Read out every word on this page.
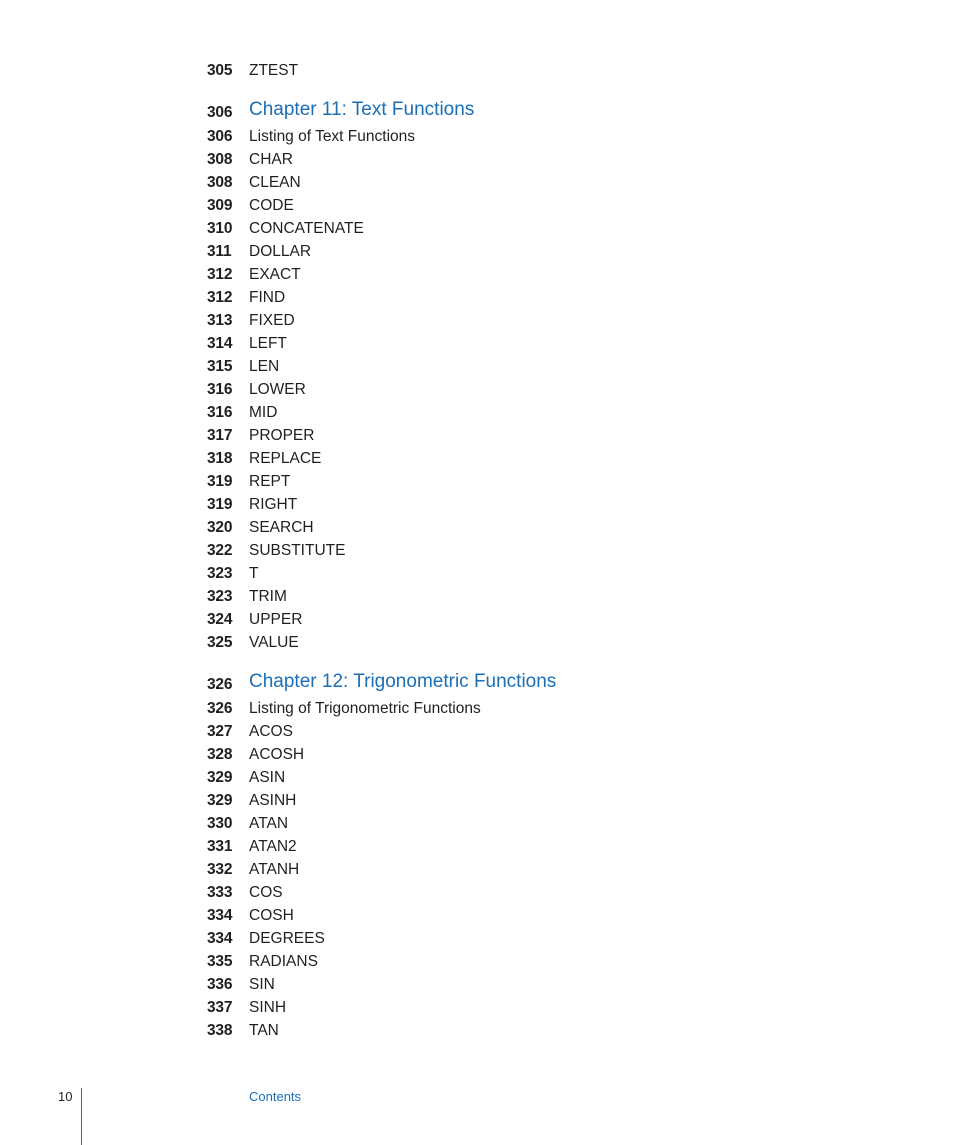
305 ZTEST
306 Chapter 11: Text Functions
306 Listing of Text Functions
308 CHAR
308 CLEAN
309 CODE
310 CONCATENATE
311 DOLLAR
312 EXACT
312 FIND
313 FIXED
314 LEFT
315 LEN
316 LOWER
316 MID
317 PROPER
318 REPLACE
319 REPT
319 RIGHT
320 SEARCH
322 SUBSTITUTE
323 T
323 TRIM
324 UPPER
325 VALUE
326 Chapter 12: Trigonometric Functions
326 Listing of Trigonometric Functions
327 ACOS
328 ACOSH
329 ASIN
329 ASINH
330 ATAN
331 ATAN2
332 ATANH
333 COS
334 COSH
334 DEGREES
335 RADIANS
336 SIN
337 SINH
338 TAN
10	Contents
